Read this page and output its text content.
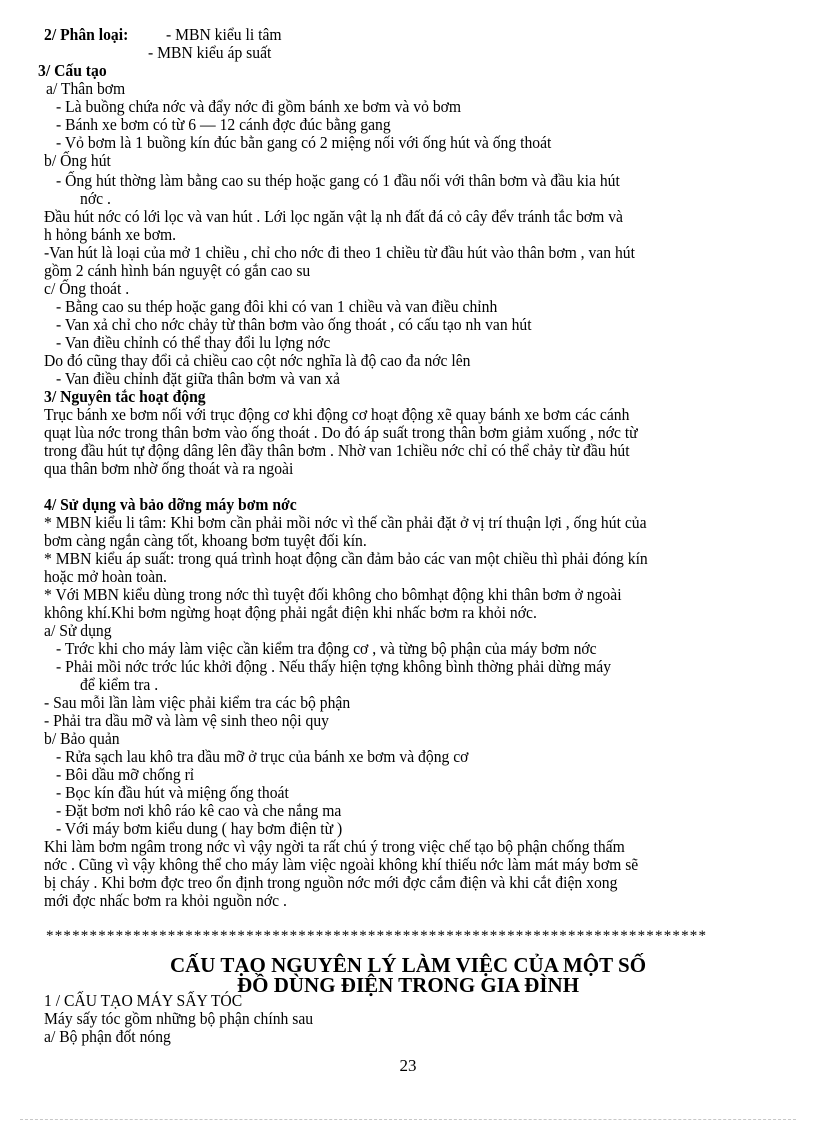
2/ Phân loại: - MBN kiểu li tâm
- MBN kiểu áp suất
3/ Cấu tạo
a/ Thân bơm
- Là buồng chứa nớc và đẩy nớc đi gồm bánh xe bơm và vỏ bơm
- Bánh xe bơm có từ 6 — 12 cánh đợc đúc bằng gang
- Vỏ bơm là 1 buồng kín đúc bằn gang có 2 miệng nối với ống hút và ống thoát
b/ Ống hút
- Ống hút thờng làm bằng cao su thép hoặc gang có 1 đầu nối với thân bơm và đầu kia hút
nớc .
Đầu hút nớc có lới lọc và van hút . Lới lọc ngăn vật lạ nh đất đá cỏ cây đểv tránh tắc bơm và
h hỏng bánh xe bơm.
-Van hút là loại của mở 1 chiều , chỉ cho nớc đi theo 1 chiều từ đầu hút vào thân bơm , van hút
gồm 2 cánh hình bán nguyệt có gắn cao su
c/ Ống thoát .
- Bằng cao su thép hoặc gang đôi khi có van 1 chiều và van điều chỉnh
- Van xả chỉ cho nớc chảy từ thân bơm vào ống thoát , có cấu tạo nh van hút
- Van điều chỉnh có thể thay đổi lu lợng nớc
Do đó cũng thay đổi cả chiều cao cột nớc nghĩa là độ cao đa nớc lên
- Van điều chỉnh đặt giữa thân bơm và van xả
3/ Nguyên tắc hoạt động
Trục bánh xe bơm nối với trục động cơ khi động cơ hoạt động xẽ quay bánh xe bơm các cánh
quạt lùa nớc trong thân bơm vào ống thoát . Do đó áp suất trong thân bơm giảm xuống , nớc từ
trong đầu hút tự động dâng lên đầy thân bơm . Nhờ van 1chiều nớc chỉ có thể chảy từ đầu hút
qua thân bơm nhờ ống thoát và ra ngoài
4/ Sử dụng và bảo dỡng máy bơm nớc
* MBN kiểu li tâm: Khi bơm cần phải mồi nớc vì thế cần phải đặt ở vị trí thuận lợi , ống hút của
bơm càng ngắn càng tốt, khoang bơm tuyệt đối kín.
* MBN kiểu áp suất: trong quá trình hoạt động cần đảm bảo các van một chiều thì phải đóng kín
hoặc mở hoàn toàn.
* Với MBN kiểu dùng trong nớc thì tuyệt đối không cho bômhạt động khi thân bơm ở ngoài
không khí.Khi bơm ngừng hoạt động phải ngắt điện khi nhấc bơm ra khỏi nớc.
a/ Sử dụng
- Trớc khi cho máy làm việc cần kiểm tra động cơ , và từng bộ phận của máy bơm nớc
- Phải mồi nớc trớc lúc khởi động . Nếu thấy hiện tợng không bình thờng phải dừng máy
để kiểm tra .
- Sau mỗi lần làm việc phải kiểm tra các bộ phận
- Phải tra dầu mỡ và làm vệ sinh theo nội quy
b/ Bảo quản
- Rửa sạch lau khô tra dầu mỡ ở trục của bánh xe bơm và động cơ
- Bôi dầu mỡ chống rỉ
- Bọc kín đầu hút và miệng ống thoát
- Đặt bơm nơi khô ráo kê cao và che nắng ma
- Với máy bơm kiểu dung ( hay bơm điện từ )
Khi làm bơm ngâm trong nớc vì vậy ngời ta rất chú ý trong việc chế tạo bộ phận chống thấm
nớc . Cũng vì vậy không thể cho máy làm việc ngoài không khí thiếu nớc làm mát máy bơm sẽ
bị cháy . Khi bơm đợc treo ổn định trong nguồn nớc mới đợc cắm điện và khi cắt điện xong
mới đợc nhấc bơm ra khỏi nguồn nớc .
****************************************************************************
CẤU TẠO NGUYÊN LÝ LÀM VIỆC CỦA MỘT SỐ
ĐỒ DÙNG ĐIỆN TRONG GIA ĐÌNH
1 / CẤU TẠO MÁY SẤY TÓC
Máy sấy tóc gồm những bộ phận chính sau
a/ Bộ phận đốt nóng
23
